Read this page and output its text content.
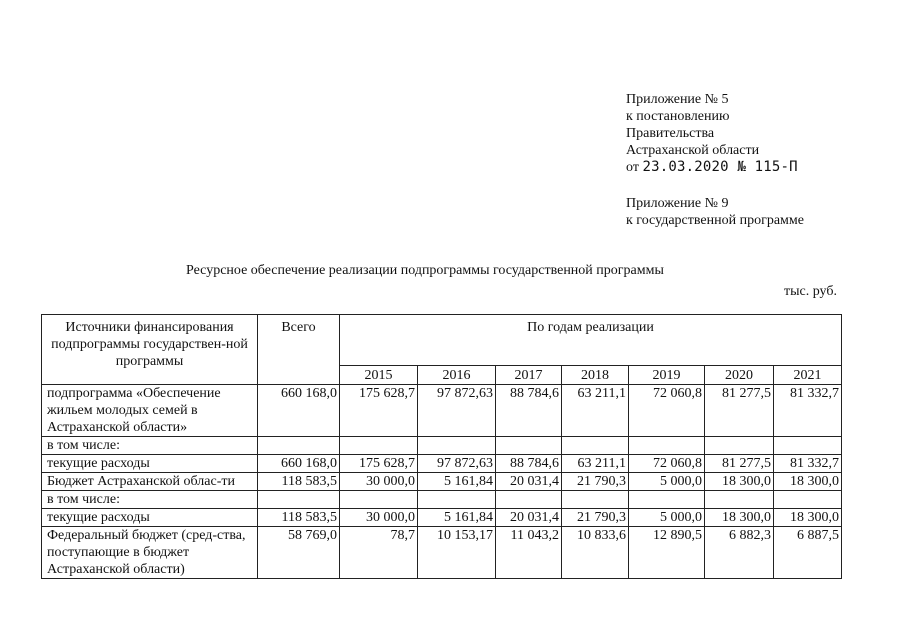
Приложение № 5
к постановлению
Правительства
Астраханской области
от 23.03.2020 № 115-П
Приложение № 9
к государственной программе
Ресурсное обеспечение реализации подпрограммы государственной программы
тыс. руб.
Источники финансирования подпрограммы государствен-ной программы	Всего	По годам реализации						
		2015	2016	2017	2018	2019	2020	2021
подпрограмма «Обеспечение жильем молодых семей в Астраханской области»	660 168,0	175 628,7	97 872,63	88 784,6	63 211,1	72 060,8	81 277,5	81 332,7
в том числе:								
текущие расходы	660 168,0	175 628,7	97 872,63	88 784,6	63 211,1	72 060,8	81 277,5	81 332,7
Бюджет Астраханской облас-ти	118 583,5	30 000,0	5 161,84	20 031,4	21 790,3	5 000,0	18 300,0	18 300,0
в том числе:								
текущие расходы	118 583,5	30 000,0	5 161,84	20 031,4	21 790,3	5 000,0	18 300,0	18 300,0
Федеральный бюджет (сред-ства, поступающие в бюджет Астраханской области)	58 769,0	78,7	10 153,17	11 043,2	10 833,6	12 890,5	6 882,3	6 887,5
